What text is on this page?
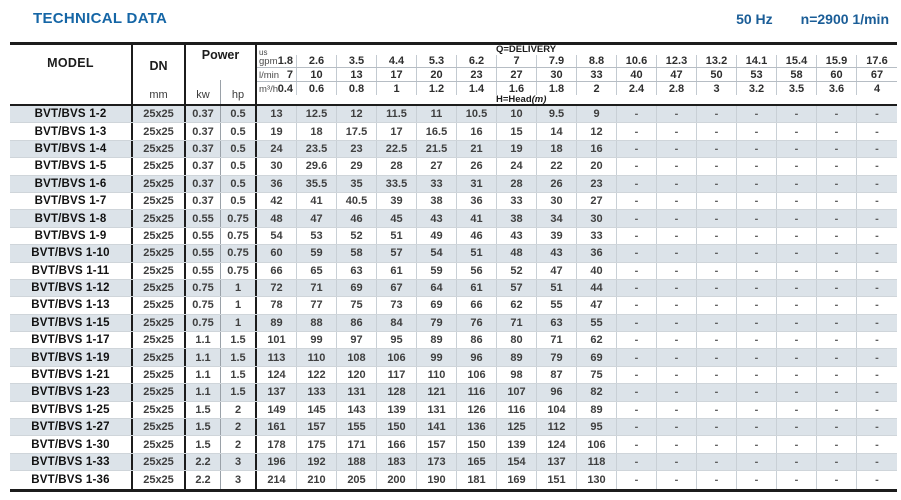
TECHNICAL DATA	50 Hz n=2900 1/min
MODEL	DN
mm
Power
kw	hp
Q=DELIVERY
us
gpm 1.8	2.6	3.5	4.4	5.3	6.2	7	7.9	8.8	10.6	12.3	13.2	14.1	15.4	15.9	17.6
l/min 7	10	13	17	20	23	27	30	33	40	47	50	53	58	60	67
m³/h 0.4	0.6	0.8	1	1.2	1.4	1.6	1.8	2	2.4	2.8	3	3.2	3.5	3.6	4
H=Head(m)
BVT/BVS 1-2	25x25	0.37	0.5	13	12.5	12	11.5	11	10.5	10	9.5	9	-	-	-	-	-	-	-
BVT/BVS 1-3	25x25	0.37	0.5	19	18	17.5	17	16.5	16	15	14	12	-	-	-	-	-	-	-
BVT/BVS 1-4	25x25	0.37	0.5	24	23.5	23	22.5	21.5	21	19	18	16	-	-	-	-	-	-	-
BVT/BVS 1-5	25x25	0.37	0.5	30	29.6	29	28	27	26	24	22	20	-	-	-	-	-	-	-
BVT/BVS 1-6	25x25	0.37	0.5	36	35.5	35	33.5	33	31	28	26	23	-	-	-	-	-	-	-
BVT/BVS 1-7	25x25	0.37	0.5	42	41	40.5	39	38	36	33	30	27	-	-	-	-	-	-	-
BVT/BVS 1-8	25x25	0.55	0.75	48	47	46	45	43	41	38	34	30	-	-	-	-	-	-	-
BVT/BVS 1-9	25x25	0.55	0.75	54	53	52	51	49	46	43	39	33	-	-	-	-	-	-	-
BVT/BVS 1-10	25x25	0.55	0.75	60	59	58	57	54	51	48	43	36	-	-	-	-	-	-	-
BVT/BVS 1-11	25x25	0.55	0.75	66	65	63	61	59	56	52	47	40	-	-	-	-	-	-	-
BVT/BVS 1-12	25x25	0.75	1	72	71	69	67	64	61	57	51	44	-	-	-	-	-	-	-
BVT/BVS 1-13	25x25	0.75	1	78	77	75	73	69	66	62	55	47	-	-	-	-	-	-	-
BVT/BVS 1-15	25x25	0.75	1	89	88	86	84	79	76	71	63	55	-	-	-	-	-	-	-
BVT/BVS 1-17	25x25	1.1	1.5	101	99	97	95	89	86	80	71	62	-	-	-	-	-	-	-
BVT/BVS 1-19	25x25	1.1	1.5	113	110	108	106	99	96	89	79	69	-	-	-	-	-	-	-
BVT/BVS 1-21	25x25	1.1	1.5	124	122	120	117	110	106	98	87	75	-	-	-	-	-	-	-
BVT/BVS 1-23	25x25	1.1	1.5	137	133	131	128	121	116	107	96	82	-	-	-	-	-	-	-
BVT/BVS 1-25	25x25	1.5	2	149	145	143	139	131	126	116	104	89	-	-	-	-	-	-	-
BVT/BVS 1-27	25x25	1.5	2	161	157	155	150	141	136	125	112	95	-	-	-	-	-	-	-
BVT/BVS 1-30	25x25	1.5	2	178	175	171	166	157	150	139	124	106	-	-	-	-	-	-	-
BVT/BVS 1-33	25x25	2.2	3	196	192	188	183	173	165	154	137	118	-	-	-	-	-	-	-
BVT/BVS 1-36	25x25	2.2	3	214	210	205	200	190	181	169	151	130	-	-	-	-	-	-	-
